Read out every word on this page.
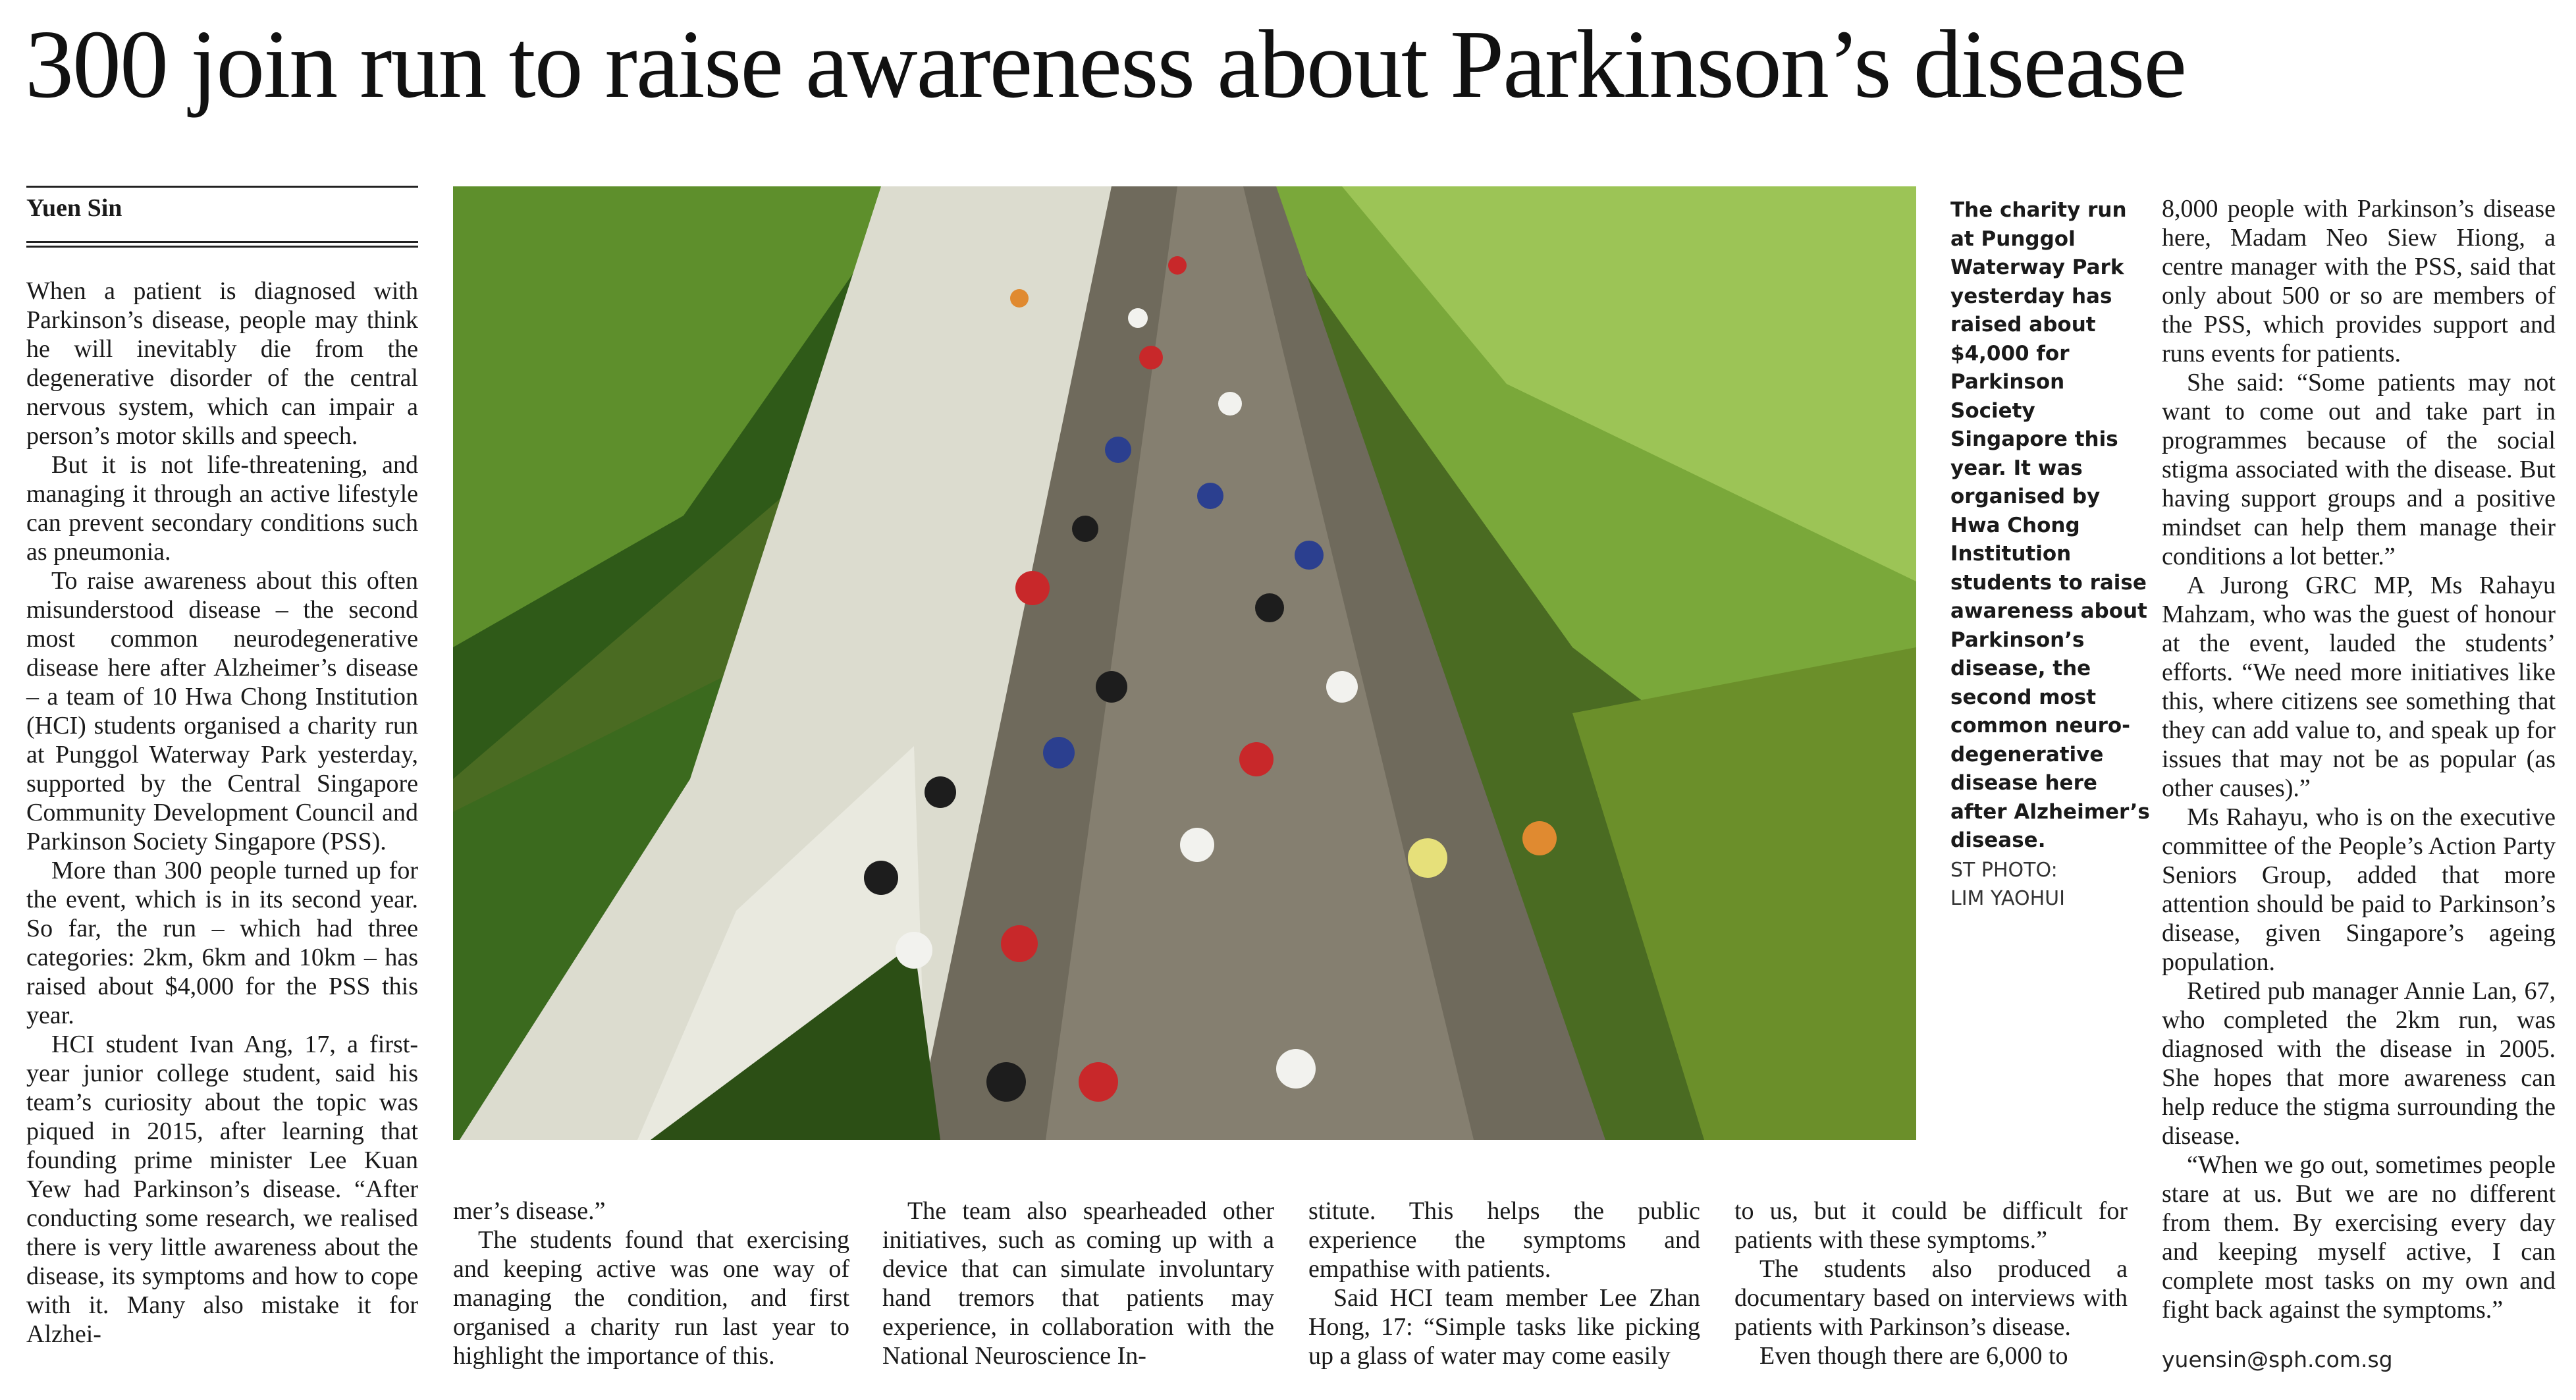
300 join run to raise awareness about Parkinson’s disease
Yuen Sin

When a patient is diagnosed with Parkinson’s disease, people may think he will inevitably die from the degenerative disorder of the central nervous system, which can impair a person’s motor skills and speech.

But it is not life-threatening, and managing it through an active lifestyle can prevent secondary conditions such as pneumonia.

To raise awareness about this often misunderstood disease – the second most common neurodegenerative disease here after Alzheimer’s disease – a team of 10 Hwa Chong Institution (HCI) students organised a charity run at Punggol Waterway Park yesterday, supported by the Central Singapore Community Development Council and Parkinson Society Singapore (PSS).

More than 300 people turned up for the event, which is in its second year. So far, the run – which had three categories: 2km, 6km and 10km – has raised about $4,000 for the PSS this year.

HCI student Ivan Ang, 17, a first-year junior college student, said his team’s curiosity about the topic was piqued in 2015, after learning that founding prime minister Lee Kuan Yew had Parkinson’s disease. “After conducting some research, we realised there is very little awareness about the disease, its symptoms and how to cope with it. Many also mistake it for Alzhei-

The charity run at Punggol Waterway Park yesterday has raised about $4,000 for Parkinson Society Singapore this year. It was organised by Hwa Chong Institution students to raise awareness about Parkinson’s disease, the second most common neuro-degenerative disease here after Alzheimer’s disease.
ST PHOTO:
LIM YAOHUI

mer’s disease.”

The students found that exercising and keeping active was one way of managing the condition, and first organised a charity run last year to highlight the importance of this.

The team also spearheaded other initiatives, such as coming up with a device that can simulate involuntary hand tremors that patients may experience, in collaboration with the National Neuroscience In-

stitute. This helps the public experience the symptoms and empathise with patients.

Said HCI team member Lee Zhan Hong, 17: “Simple tasks like picking up a glass of water may come easily

to us, but it could be difficult for patients with these symptoms.”

The students also produced a documentary based on interviews with patients with Parkinson’s disease.

Even though there are 6,000 to

8,000 people with Parkinson’s disease here, Madam Neo Siew Hiong, a centre manager with the PSS, said that only about 500 or so are members of the PSS, which provides support and runs events for patients.

She said: “Some patients may not want to come out and take part in programmes because of the social stigma associated with the disease. But having support groups and a positive mindset can help them manage their conditions a lot better.”

A Jurong GRC MP, Ms Rahayu Mahzam, who was the guest of honour at the event, lauded the students’ efforts. “We need more initiatives like this, where citizens see something that they can add value to, and speak up for issues that may not be as popular (as other causes).”

Ms Rahayu, who is on the executive committee of the People’s Action Party Seniors Group, added that more attention should be paid to Parkinson’s disease, given Singapore’s ageing population.

Retired pub manager Annie Lan, 67, who completed the 2km run, was diagnosed with the disease in 2005. She hopes that more awareness can help reduce the stigma surrounding the disease.

“When we go out, sometimes people stare at us. But we are no different from them. By exercising every day and keeping myself active, I can complete most tasks on my own and fight back against the symptoms.”

yuensin@sph.com.sg
